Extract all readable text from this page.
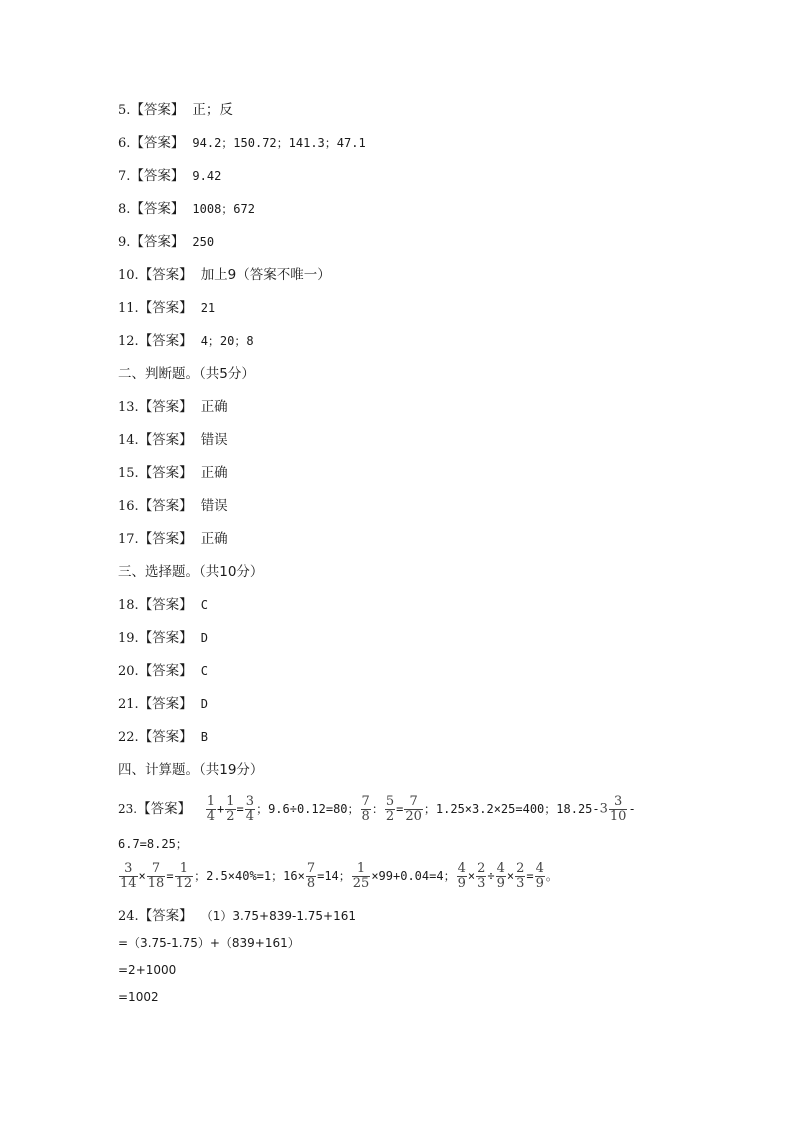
5.【答案】 正；反
6.【答案】 94.2；150.72；141.3；47.1
7.【答案】 9.42
8.【答案】 1008；672
9.【答案】 250
10.【答案】 加上9（答案不唯一）
11.【答案】 21
12.【答案】 4；20；8
二、判断题。（共5分）
13.【答案】 正确
14.【答案】 错误
15.【答案】 正确
16.【答案】 错误
17.【答案】 正确
三、选择题。（共10分）
18.【答案】 C
19.【答案】 D
20.【答案】 C
21.【答案】 D
22.【答案】 B
四、计算题。（共19分）
23.【答案】 $\frac{1}{4} + \frac{1}{2} = \frac{3}{4}$ ；9.6÷0.12=80； $\frac{7}{8}$ ： $\frac{5}{2} = \frac{7}{20}$ ；1.25×3.2×25=400；$18.25-3 \frac{3}{10}$ -
6.7=8.25；
$\frac{3}{14} \times \frac{7}{18} = \frac{1}{12}$ ；2.5×40%=1；$16\times \frac{7}{8} =14$； $\frac{1}{25} \times 99+0.04=4$； $\frac{4}{9} \times \frac{2}{3} \div \frac{4}{9} \times \frac{2}{3} = \frac{4}{9}$ 。
24.【答案】 （1）3.75+839-1.75+161
=（3.75-1.75）+（839+161）
=2+1000
=1002
